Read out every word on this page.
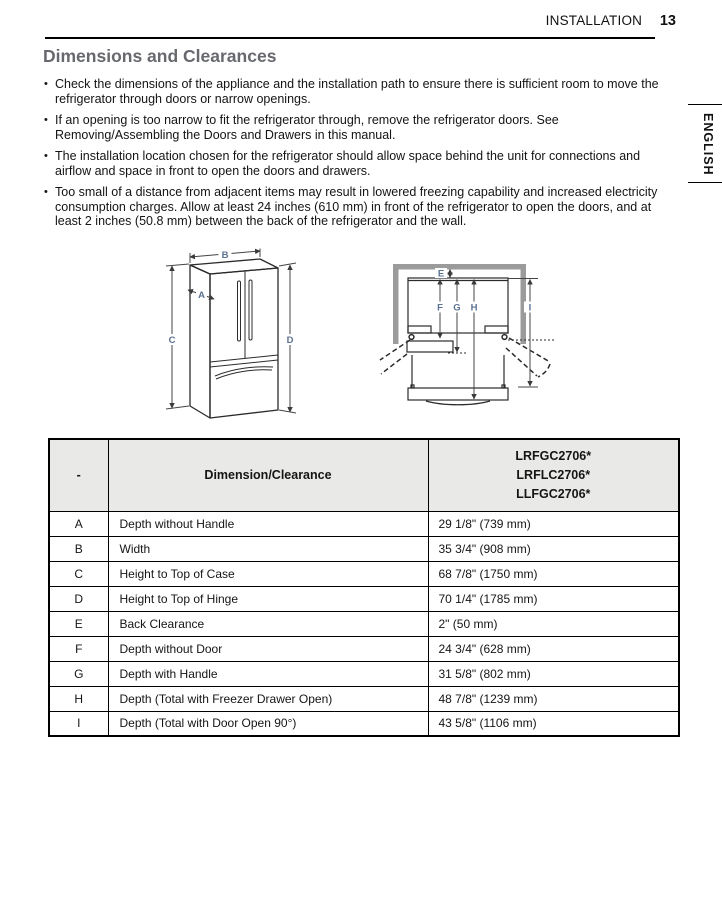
INSTALLATION 13
ENGLISH
Dimensions and Clearances
• Check the dimensions of the appliance and the installation path to ensure there is sufficient room to move the refrigerator through doors or narrow openings.
• If an opening is too narrow to fit the refrigerator through, remove the refrigerator doors. See Removing/Assembling the Doors and Drawers in this manual.
• The installation location chosen for the refrigerator should allow space behind the unit for connections and airflow and space in front to open the doors and drawers.
• Too small of a distance from adjacent items may result in lowered freezing capability and increased electricity consumption charges. Allow at least 24 inches (610 mm) in front of the refrigerator to open the doors, and at least 2 inches (50.8 mm) between the back of the refrigerator and the wall.
B
A
C	D
E
F G H	I
-	Dimension/Clearance	LRFGC2706*
LRFLC2706*
LLFGC2706*

A	Depth without Handle	29 1/8" (739 mm)
B	Width	35 3/4" (908 mm)
C	Height to Top of Case	68 7/8" (1750 mm)
D	Height to Top of Hinge	70 1/4" (1785 mm)
E	Back Clearance	2" (50 mm)
F	Depth without Door	24 3/4" (628 mm)
G	Depth with Handle	31 5/8" (802 mm)
H	Depth (Total with Freezer Drawer Open)	48 7/8" (1239 mm)
I	Depth (Total with Door Open 90°)	43 5/8" (1106 mm)
